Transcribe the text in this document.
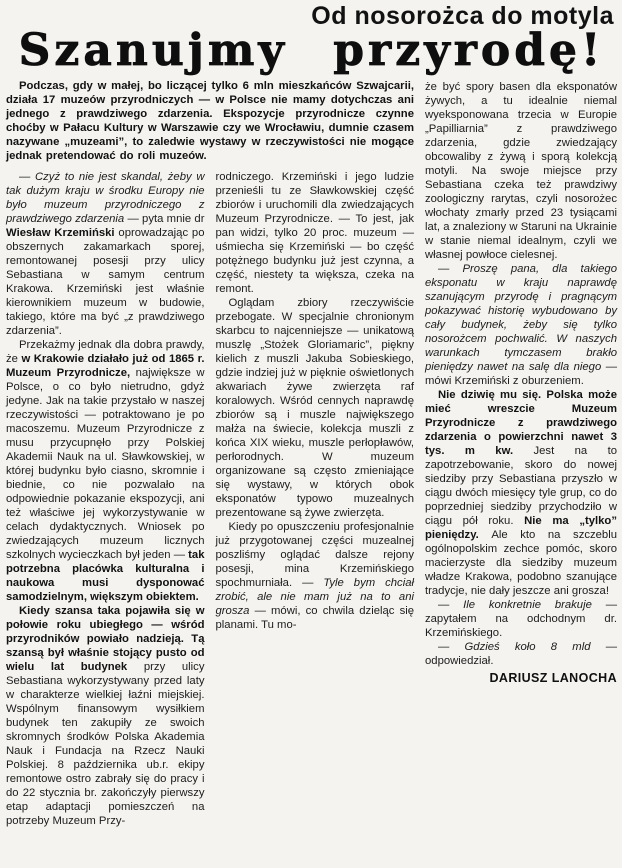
Od nosorożca do motyla
Szanujmy przyrodę!

Podczas, gdy w małej, bo liczącej tylko 6 mln mieszkańców Szwajcarii, działa 17 muzeów przyrodniczych — w Polsce nie mamy dotychczas ani jednego z prawdziwego zdarzenia. Ekspozycje przyrodnicze czynne choćby w Pałacu Kultury w Warszawie czy we Wrocławiu, dumnie czasem nazywane „muzeami”, to zaledwie wystawy w rzeczywistości nie mogące jednak pretendować do roli muzeów.

— Czyż to nie jest skandal, żeby w tak dużym kraju w środku Europy nie było muzeum przyrodniczego z prawdziwego zdarzenia — pyta mnie dr Wiesław Krzemiński oprowadzając po obszernych zakamarkach sporej, remontowanej posesji przy ulicy Sebastiana w samym centrum Krakowa. Krzemiński jest właśnie kierownikiem muzeum w budowie, takiego, które ma być „z prawdziwego zdarzenia”.

Przekażmy jednak dla dobra prawdy, że w Krakowie działało już od 1865 r. Muzeum Przyrodnicze, największe w Polsce, o co było nietrudno, gdyż jedyne. Jak na takie przystało w naszej rzeczywistości — potraktowano je po macoszemu. Muzeum Przyrodnicze z musu przycupnęło przy Polskiej Akademii Nauk na ul. Sławkowskiej, w której budynku było ciasno, skromnie i biednie, co nie pozwalało na odpowiednie pokazanie ekspozycji, ani też właściwe jej wykorzystywanie w celach dydaktycznych. Wniosek po zwiedzających muzeum licznych szkolnych wycieczkach był jeden — tak potrzebna placówka kulturalna i naukowa musi dysponować samodzielnym, większym obiektem.

Kiedy szansa taka pojawiła się w połowie roku ubiegłego — wśród przyrodników powiało nadzieją. Tą szansą był właśnie stojący pusto od wielu lat budynek przy ulicy Sebastiana wykorzystywany przed laty w charakterze wielkiej łaźni miejskiej. Wspólnym finansowym wysiłkiem budynek ten zakupiły ze swoich skromnych środków Polska Akademia Nauk i Fundacja na Rzecz Nauki Polskiej. 8 października ub.r. ekipy remontowe ostro zabrały się do pracy i do 22 stycznia br. zakończyły pierwszy etap adaptacji pomieszczeń na potrzeby Muzeum Przy-

rodniczego. Krzemiński i jego ludzie przenieśli tu ze Sławkowskiej część zbiorów i uruchomili dla zwiedzających Muzeum Przyrodnicze. — To jest, jak pan widzi, tylko 20 proc. muzeum — uśmiecha się Krzemiński — bo część potężnego budynku już jest czynna, a część, niestety ta większa, czeka na remont.

Oglądam zbiory rzeczywiście przebogate. W specjalnie chronionym skarbcu to najcenniejsze — unikatową muszlę „Stożek Gloriamaric”, piękny kielich z muszli Jakuba Sobieskiego, gdzie indziej już w pięknie oświetlonych akwariach żywe zwierzęta raf koralowych. Wśród cennych naprawdę zbiorów są i muszle największego małża na świecie, kolekcja muszli z końca XIX wieku, muszle perłopławów, perłorodnych. W muzeum organizowane są często zmieniające się wystawy, w których obok eksponatów typowo muzealnych prezentowane są żywe zwierzęta.

Kiedy po opuszczeniu profesjonalnie już przygotowanej części muzealnej poszliśmy oglądać dalsze rejony posesji, mina Krzemińskiego spochmurniała. — Tyle bym chciał zrobić, ale nie mam już na to ani grosza — mówi, co chwila dzieląc się planami. Tu mo-

że być spory basen dla eksponatów żywych, a tu idealnie niemal wyeksponowana trzecia w Europie „Papilliarnia” z prawdziwego zdarzenia, gdzie zwiedzający obcowaliby z żywą i sporą kolekcją motyli. Na swoje miejsce przy Sebastiana czeka też prawdziwy zoologiczny rarytas, czyli nosorożec włochaty zmarły przed 23 tysiącami lat, a znaleziony w Staruni na Ukrainie w stanie niemal idealnym, czyli we własnej powłoce cielesnej.

— Proszę pana, dla takiego eksponatu w kraju naprawdę szanującym przyrodę i pragnącym pokazywać historię wybudowano by cały budynek, żeby się tylko nosorożcem pochwalić. W naszych warunkach tymczasem brakło pieniędzy nawet na salę dla niego — mówi Krzemiński z oburzeniem.

Nie dziwię mu się. Polska może mieć wreszcie Muzeum Przyrodnicze z prawdziwego zdarzenia o powierzchni nawet 3 tys. m kw. Jest na to zapotrzebowanie, skoro do nowej siedziby przy Sebastiana przyszło w ciągu dwóch miesięcy tyle grup, co do poprzedniej siedziby przychodziło w ciągu pół roku. Nie ma „tylko” pieniędzy. Ale kto na szczeblu ogólnopolskim zechce pomóc, skoro macierzyste dla siedziby muzeum władze Krakowa, podobno szanujące tradycje, nie dały jeszcze ani grosza!

— Ile konkretnie brakuje — zapytałem na odchodnym dr. Krzemińskiego.

— Gdzieś koło 8 mld — odpowiedział.

DARIUSZ LANOCHA
